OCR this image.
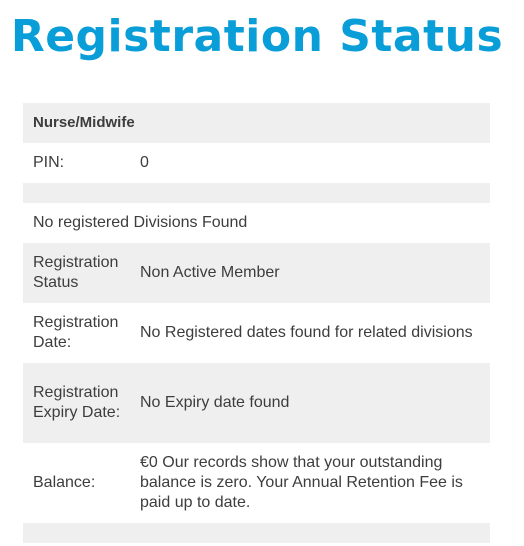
Registration Status
Nurse/Midwife
PIN:	0
No registered Divisions Found
Registration Status
Non Active Member
Registration Date:
No Registered dates found for related divisions
Registration Expiry Date:
No Expiry date found
Balance:
€0 Our records show that your outstanding balance is zero. Your Annual Retention Fee is paid up to date.
